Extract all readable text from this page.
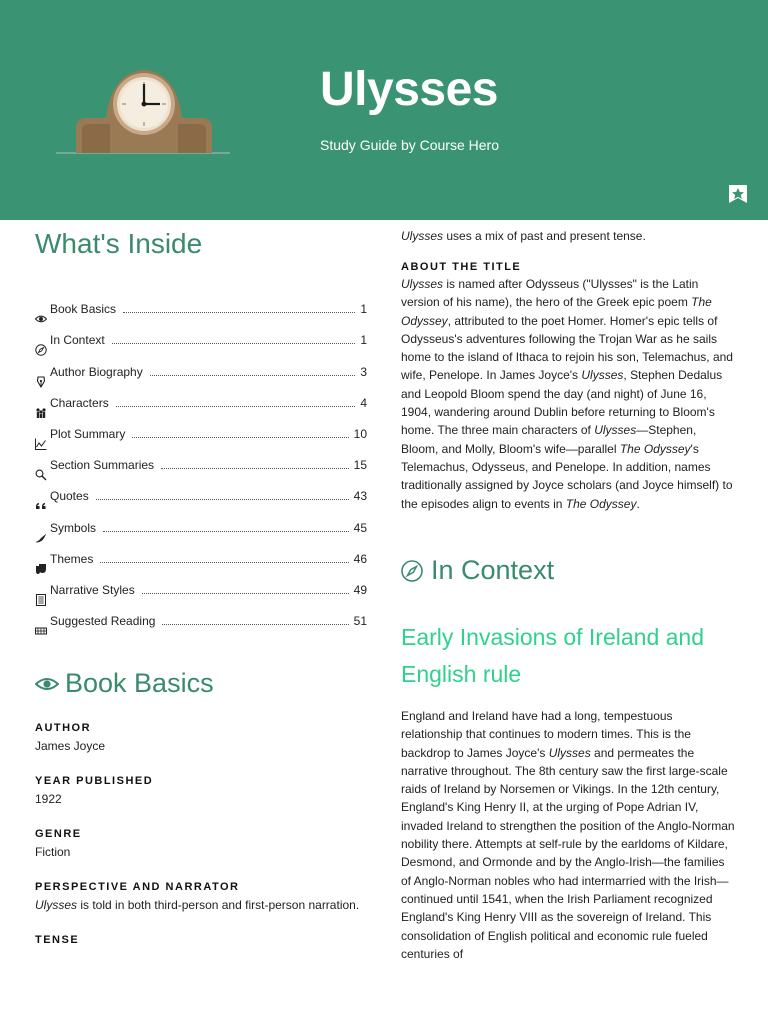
Ulysses
Study Guide by Course Hero
What's Inside
Book Basics	1
In Context	1
Author Biography	3
Characters	4
Plot Summary	10
Section Summaries	15
Quotes	43
Symbols	45
Themes	46
Narrative Styles	49
Suggested Reading	51
Book Basics

AUTHOR

James Joyce

YEAR PUBLISHED

1922

GENRE

Fiction

PERSPECTIVE AND NARRATOR

Ulysses is told in both third-person and first-person narration.

TENSE

Ulysses uses a mix of past and present tense.
ABOUT THE TITLE
Ulysses is named after Odysseus ("Ulysses" is the Latin version of his name), the hero of the Greek epic poem The Odyssey, attributed to the poet Homer. Homer's epic tells of Odysseus's adventures following the Trojan War as he sails home to the island of Ithaca to rejoin his son, Telemachus, and wife, Penelope. In James Joyce's Ulysses, Stephen Dedalus and Leopold Bloom spend the day (and night) of June 16, 1904, wandering around Dublin before returning to Bloom's home. The three main characters of Ulysses—Stephen, Bloom, and Molly, Bloom's wife—parallel The Odyssey's Telemachus, Odysseus, and Penelope. In addition, names traditionally assigned by Joyce scholars (and Joyce himself) to the episodes align to events in The Odyssey.
In Context
Early Invasions of Ireland and English rule
England and Ireland have had a long, tempestuous relationship that continues to modern times. This is the backdrop to James Joyce's Ulysses and permeates the narrative throughout. The 8th century saw the first large-scale raids of Ireland by Norsemen or Vikings. In the 12th century, England's King Henry II, at the urging of Pope Adrian IV, invaded Ireland to strengthen the position of the Anglo-Norman nobility there. Attempts at self-rule by the earldoms of Kildare, Desmond, and Ormonde and by the Anglo-Irish—the families of Anglo-Norman nobles who had intermarried with the Irish—continued until 1541, when the Irish Parliament recognized England's King Henry VIII as the sovereign of Ireland. This consolidation of English political and economic rule fueled centuries of
